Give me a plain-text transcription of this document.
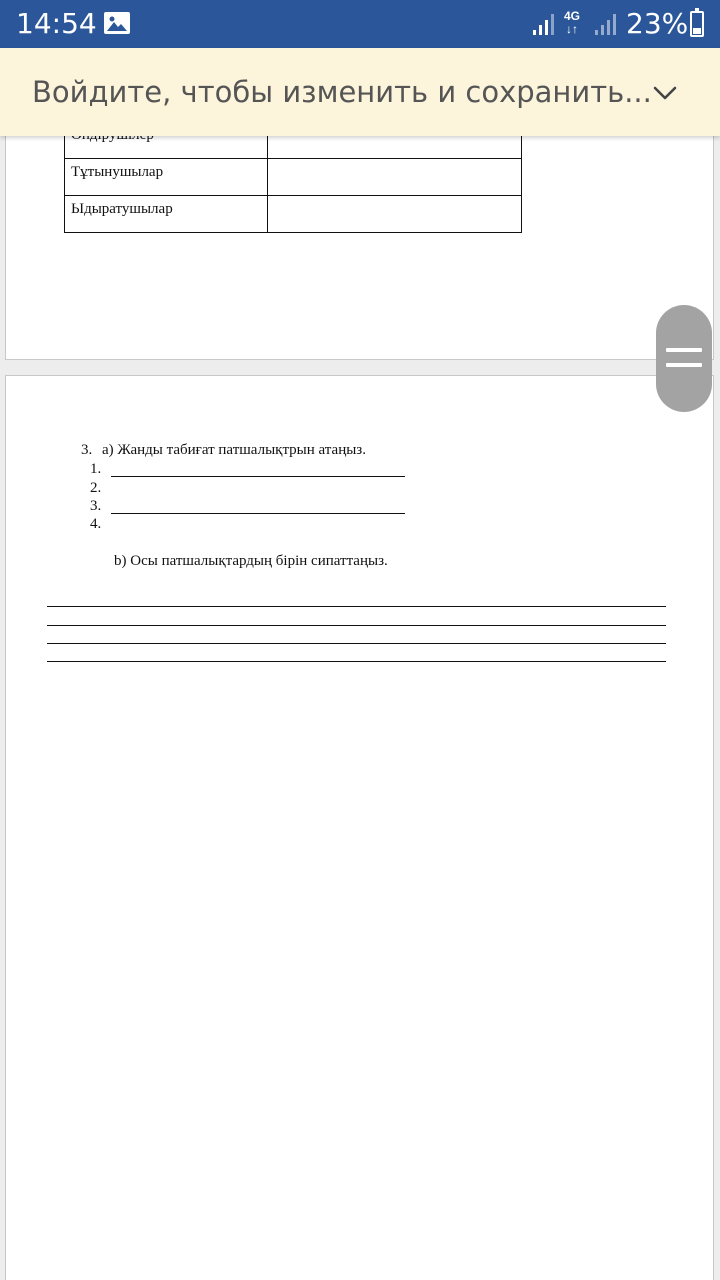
14:54	4G
↓↑ 23%
Войдите, чтобы изменить и сохранить...

Тұтынушылар	
Ыдыратушылар	
3. a) Жанды табиғат патшалықтрын атаңыз.
1.
2.
3.
4.
b) Осы патшалықтардың бірін сипаттаңыз.
